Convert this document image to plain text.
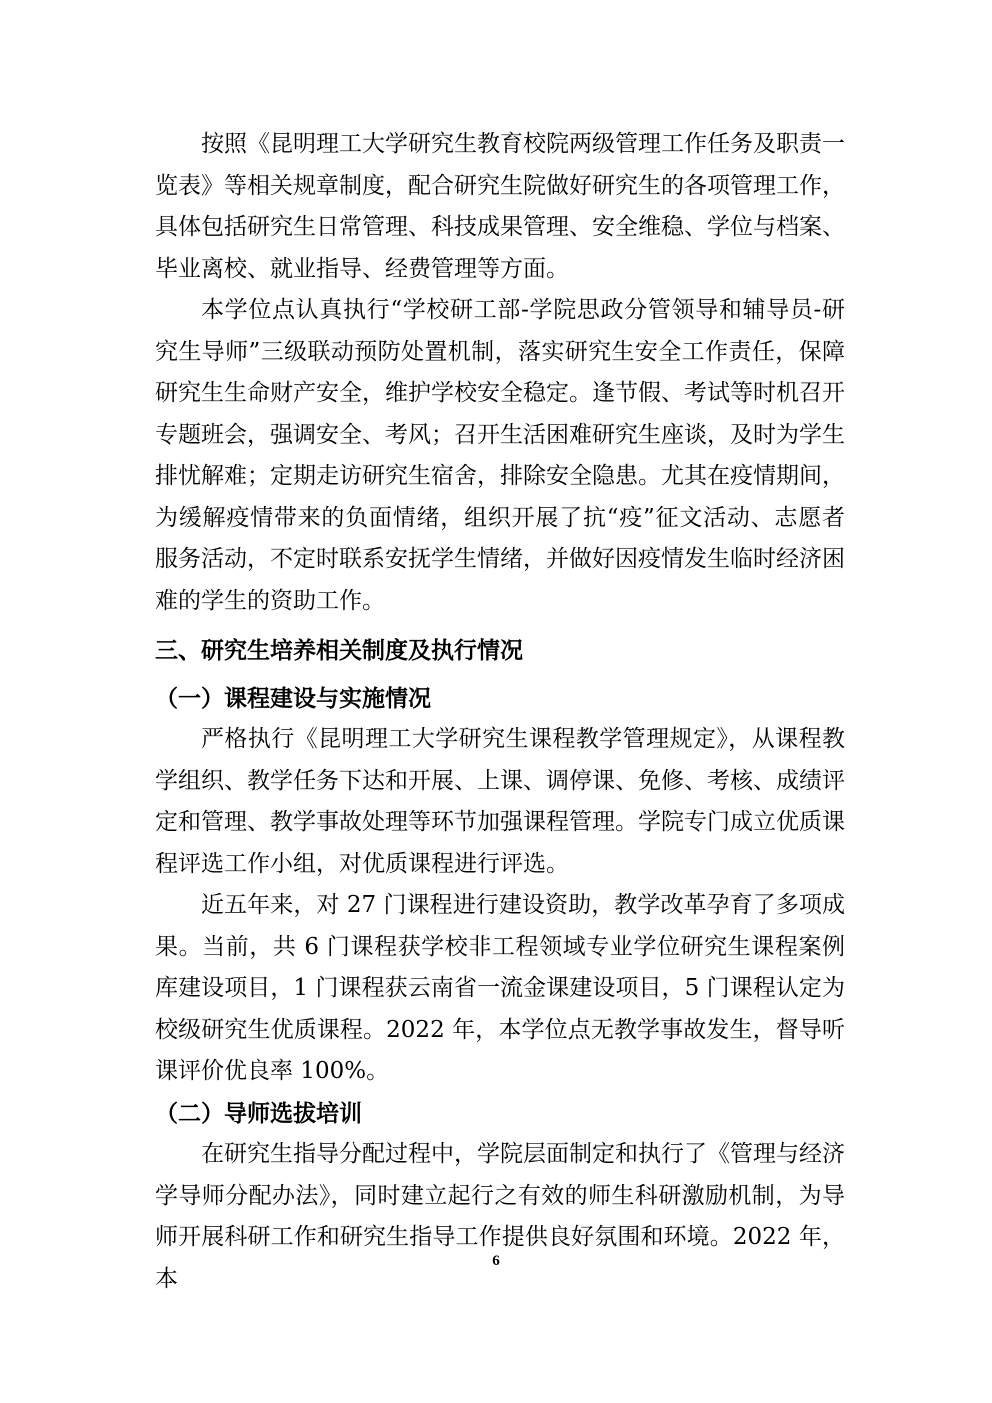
按照《昆明理工大学研究生教育校院两级管理工作任务及职责一览表》等相关规章制度，配合研究生院做好研究生的各项管理工作，具体包括研究生日常管理、科技成果管理、安全维稳、学位与档案、毕业离校、就业指导、经费管理等方面。

本学位点认真执行“学校研工部-学院思政分管领导和辅导员-研究生导师”三级联动预防处置机制，落实研究生安全工作责任，保障研究生生命财产安全，维护学校安全稳定。逢节假、考试等时机召开专题班会，强调安全、考风；召开生活困难研究生座谈，及时为学生排忧解难；定期走访研究生宿舍，排除安全隐患。尤其在疫情期间，为缓解疫情带来的负面情绪，组织开展了抗“疫”征文活动、志愿者服务活动，不定时联系安抚学生情绪，并做好因疫情发生临时经济困难的学生的资助工作。

三、研究生培养相关制度及执行情况
（一）课程建设与实施情况

严格执行《昆明理工大学研究生课程教学管理规定》，从课程教学组织、教学任务下达和开展、上课、调停课、免修、考核、成绩评定和管理、教学事故处理等环节加强课程管理。学院专门成立优质课程评选工作小组，对优质课程进行评选。

近五年来，对 27 门课程进行建设资助，教学改革孕育了多项成果。当前，共 6 门课程获学校非工程领域专业学位研究生课程案例库建设项目，1 门课程获云南省一流金课建设项目，5 门课程认定为校级研究生优质课程。2022 年，本学位点无教学事故发生，督导听课评价优良率 100%。

（二）导师选拔培训

在研究生指导分配过程中，学院层面制定和执行了《管理与经济学导师分配办法》，同时建立起行之有效的师生科研激励机制，为导师开展科研工作和研究生指导工作提供良好氛围和环境。2022 年，本

6
